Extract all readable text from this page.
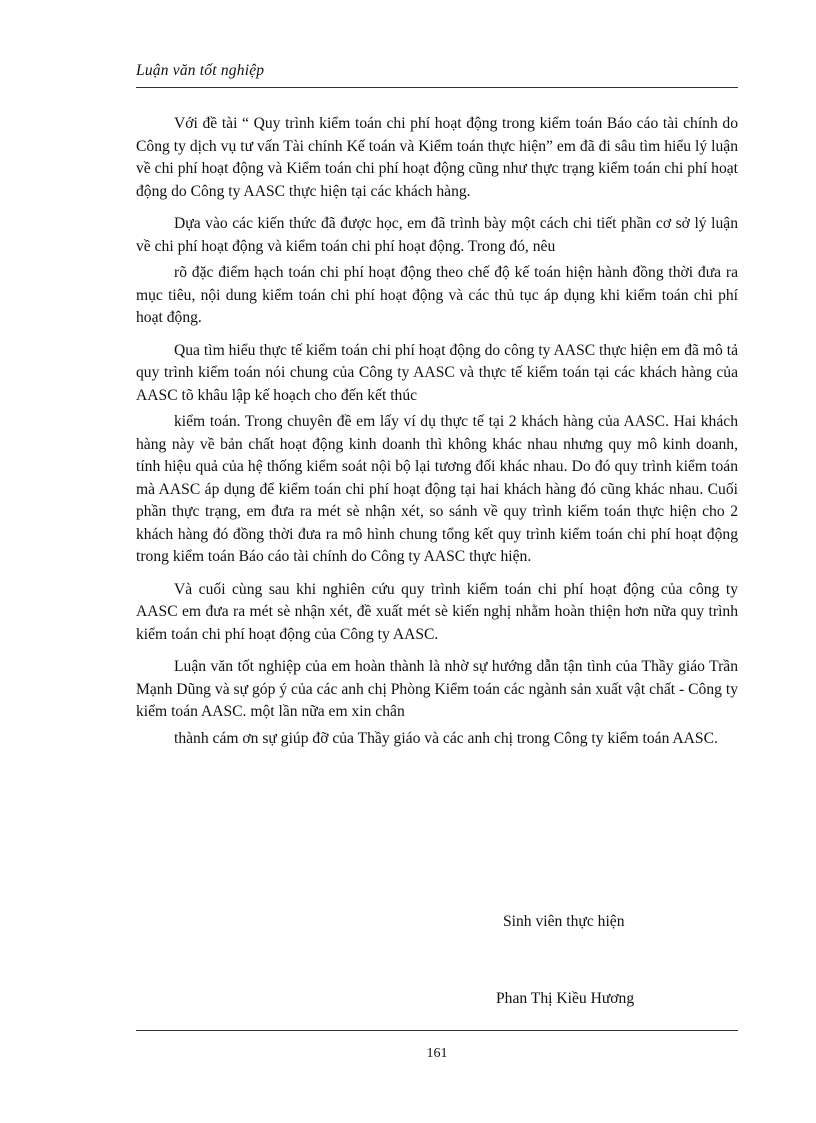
Luận văn tốt nghiệp

Với đề tài “ Quy trình kiểm toán chi phí hoạt động trong kiểm toán Báo cáo tài chính do Công ty dịch vụ tư vấn Tài chính Kế toán và Kiểm toán thực hiện” em đã đi sâu tìm hiểu lý luận về chi phí hoạt động và Kiểm toán chi phí hoạt động cũng như thực trạng kiểm toán chi phí hoạt động do Công ty AASC thực hiện tại các khách hàng.

Dựa vào các kiến thức đã được học, em đã trình bày một cách chi tiết phần cơ sở lý luận về chi phí hoạt động và kiểm toán chi phí hoạt động. Trong đó, nêu

rõ đặc điểm hạch toán chi phí hoạt động theo chế độ kế toán hiện hành đồng thời đưa ra mục tiêu, nội dung kiểm toán chi phí hoạt động và các thủ tục áp dụng khi kiểm toán chi phí hoạt động.

Qua tìm hiểu thực tế kiểm toán chi phí hoạt động do công ty AASC thực hiện em đã mô tả quy trình kiểm toán nói chung của Công ty AASC và thực tế kiểm toán tại các khách hàng của AASC tõ khâu lập kế hoạch cho đến kết thúc

kiểm toán. Trong chuyên đề em lấy ví dụ thực tế tại 2 khách hàng của AASC. Hai khách hàng này về bản chất hoạt động kinh doanh thì không khác nhau nhưng quy mô kinh doanh, tính hiệu quả của hệ thống kiểm soát nội bộ lại tương đối khác nhau. Do đó quy trình kiểm toán mà AASC áp dụng để kiểm toán chi phí hoạt động tại hai khách hàng đó cũng khác nhau. Cuối phần thực trạng, em đưa ra mét sè nhận xét, so sánh về quy trình kiểm toán thực hiện cho 2 khách hàng đó đồng thời đưa ra mô hình chung tổng kết quy trình kiểm toán chi phí hoạt động trong kiểm toán Báo cáo tài chính do Công ty AASC thực hiện.

Và cuối cùng sau khi nghiên cứu quy trình kiểm toán chi phí hoạt động của công ty AASC em đưa ra mét sè nhận xét, đề xuất mét sè kiến nghị nhằm hoàn thiện hơn nữa quy trình kiểm toán chi phí hoạt động của Công ty AASC.

Luận văn tốt nghiệp của em hoàn thành là nhờ sự hướng dẫn tận tình của Thầy giáo Trần Mạnh Dũng và sự góp ý của các anh chị Phòng Kiểm toán các ngành sản xuất vật chất - Công ty kiểm toán AASC. một lần nữa em xin chân

thành cám ơn sự giúp đỡ của Thầy giáo và các anh chị trong Công ty kiểm toán AASC.

Sinh viên thực hiện
Phan Thị Kiều Hương
161
